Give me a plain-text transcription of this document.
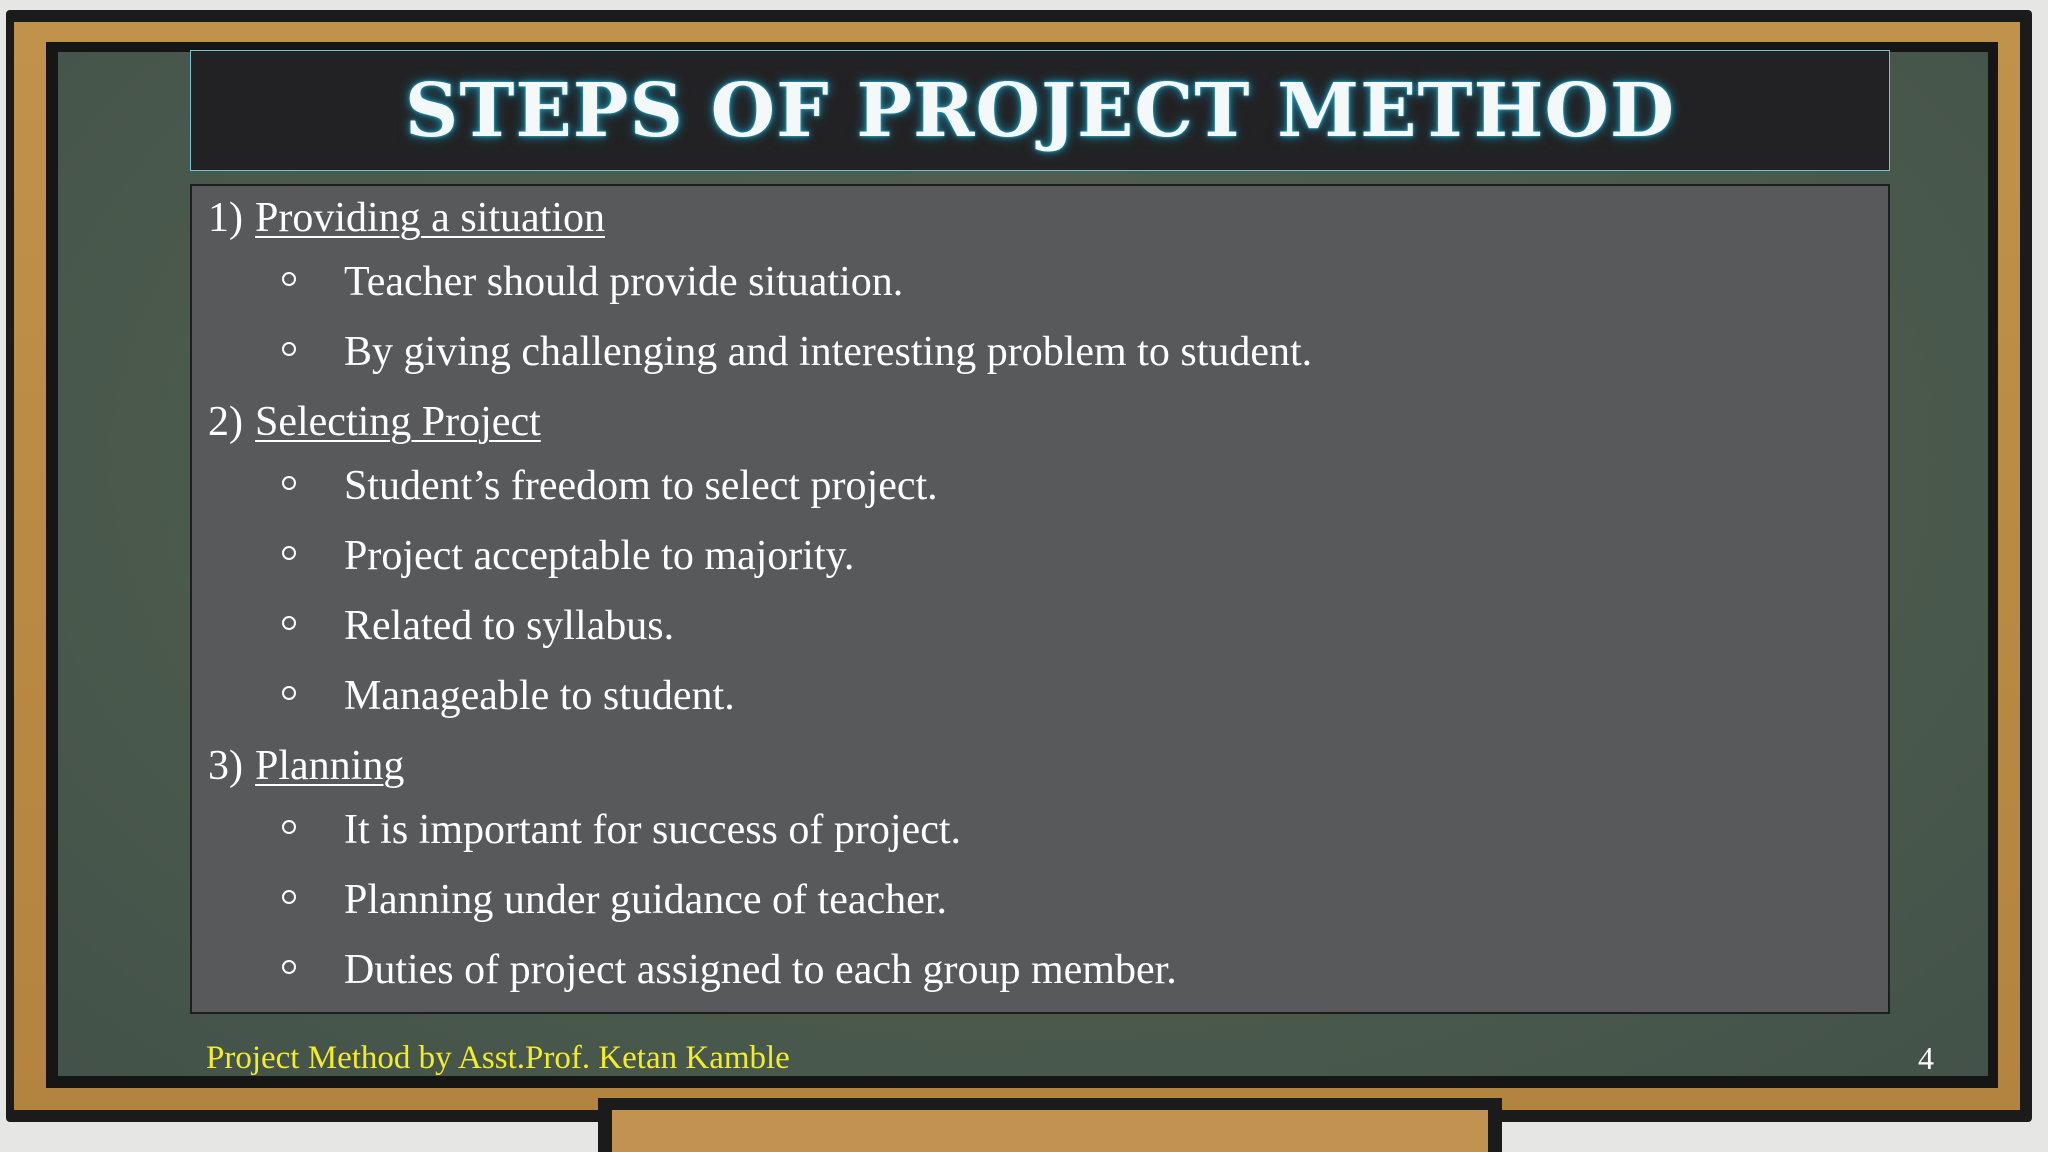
STEPS OF PROJECT METHOD
1) Providing a situation
Teacher should provide situation.
By giving challenging and interesting problem to student.
2) Selecting Project
Student’s freedom to select project.
Project acceptable to majority.
Related to syllabus.
Manageable to student.
3) Planning
It is important for success of project.
Planning under guidance of teacher.
Duties of project assigned to each group member.
Project Method by Asst.Prof. Ketan Kamble	4
